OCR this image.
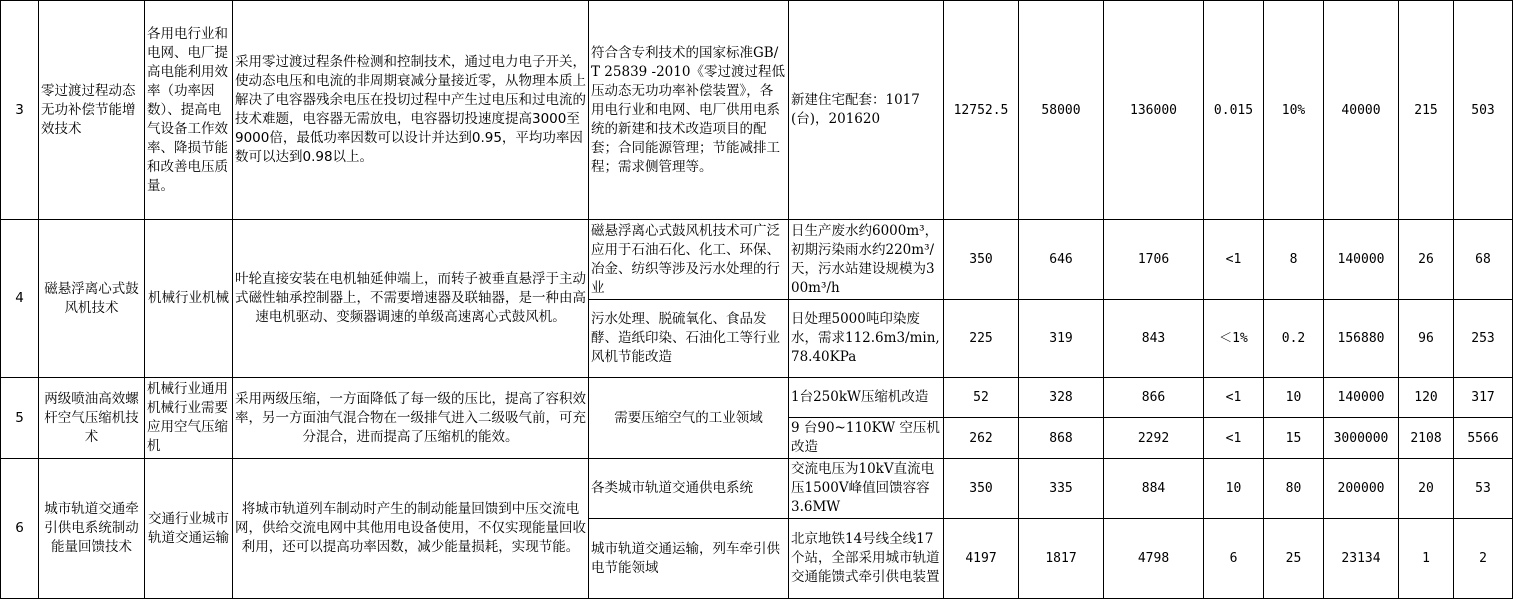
3	零过渡过程动态无功补偿节能增效技术	各用电行业和电网、电厂提高电能利用效率（功率因数）、提高电气设备工作效率、降损节能和改善电压质量。	采用零过渡过程条件检测和控制技术，通过电力电子开关，使动态电压和电流的非周期衰减分量接近零，从物理本质上解决了电容器残余电压在投切过程中产生过电压和过电流的技术难题，电容器无需放电，电容器切投速度提高3000至9000倍，最低功率因数可以设计并达到0.95，平均功率因数可以达到0.98以上。	符合含专利技术的国家标准GB/T 25839 -2010《零过渡过程低压动态无功功率补偿装置》，各用电行业和电网、电厂供用电系统的新建和技术改造项目的配套；合同能源管理；节能减排工程；需求侧管理等。	新建住宅配套：1017(台)，201620	12752.5	58000	136000	0.015	10%	40000	215	503
4	磁悬浮离心式鼓风机技术	机械行业机械	叶轮直接安装在电机轴延伸端上，而转子被垂直悬浮于主动式磁性轴承控制器上，不需要增速器及联轴器，是一种由高速电机驱动、变频器调速的单级高速离心式鼓风机。	磁悬浮离心式鼓风机技术可广泛应用于石油石化、化工、环保、冶金、纺织等涉及污水处理的行业	日生产废水约6000m³，初期污染雨水约220m³/天，污水站建设规模为300m³/h	350	646	1706	<1	8	140000	26	68
				污水处理、脱硫氧化、食品发酵、造纸印染、石油化工等行业风机节能改造	日处理5000吨印染废水，需求112.6m3/min,78.40KPa	225	319	843	＜1%	0.2	156880	96	253
5	两级喷油高效螺杆空气压缩机技术	机械行业通用机械行业需要应用空气压缩机	采用两级压缩，一方面降低了每一级的压比，提高了容积效率，另一方面油气混合物在一级排气进入二级吸气前，可充分混合，进而提高了压缩机的能效。	需要压缩空气的工业领域	1台250kW压缩机改造	52	328	866	<1	10	140000	120	317
					9 台90~110KW 空压机改造	262	868	2292	<1	15	3000000	2108	5566
6	城市轨道交通牵引供电系统制动能量回馈技术	交通行业城市轨道交通运输	将城市轨道列车制动时产生的制动能量回馈到中压交流电网，供给交流电网中其他用电设备使用，不仅实现能量回收利用，还可以提高功率因数，减少能量损耗，实现节能。	各类城市轨道交通供电系统	交流电压为10kV直流电压1500V峰值回馈容容3.6MW	350	335	884	10	80	200000	20	53
				城市轨道交通运输，列车牵引供电节能领域	北京地铁14号线全线17个站，全部采用城市轨道交通能馈式牵引供电装置	4197	1817	4798	6	25	23134	1	2
